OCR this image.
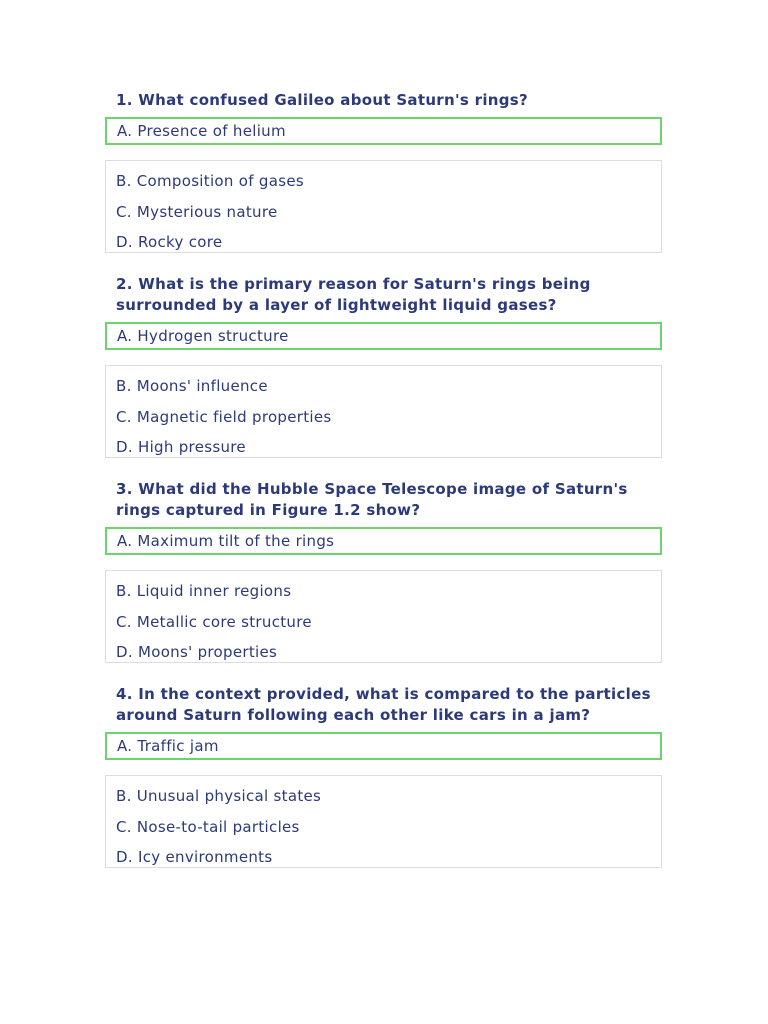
1. What confused Galileo about Saturn's rings?
A. Presence of helium
B. Composition of gases
C. Mysterious nature
D. Rocky core
2. What is the primary reason for Saturn's rings being surrounded by a layer of lightweight liquid gases?
A. Hydrogen structure
B. Moons' influence
C. Magnetic field properties
D. High pressure
3. What did the Hubble Space Telescope image of Saturn's rings captured in Figure 1.2 show?
A. Maximum tilt of the rings
B. Liquid inner regions
C. Metallic core structure
D. Moons' properties
4. In the context provided, what is compared to the particles around Saturn following each other like cars in a jam?
A. Traffic jam
B. Unusual physical states
C. Nose-to-tail particles
D. Icy environments
